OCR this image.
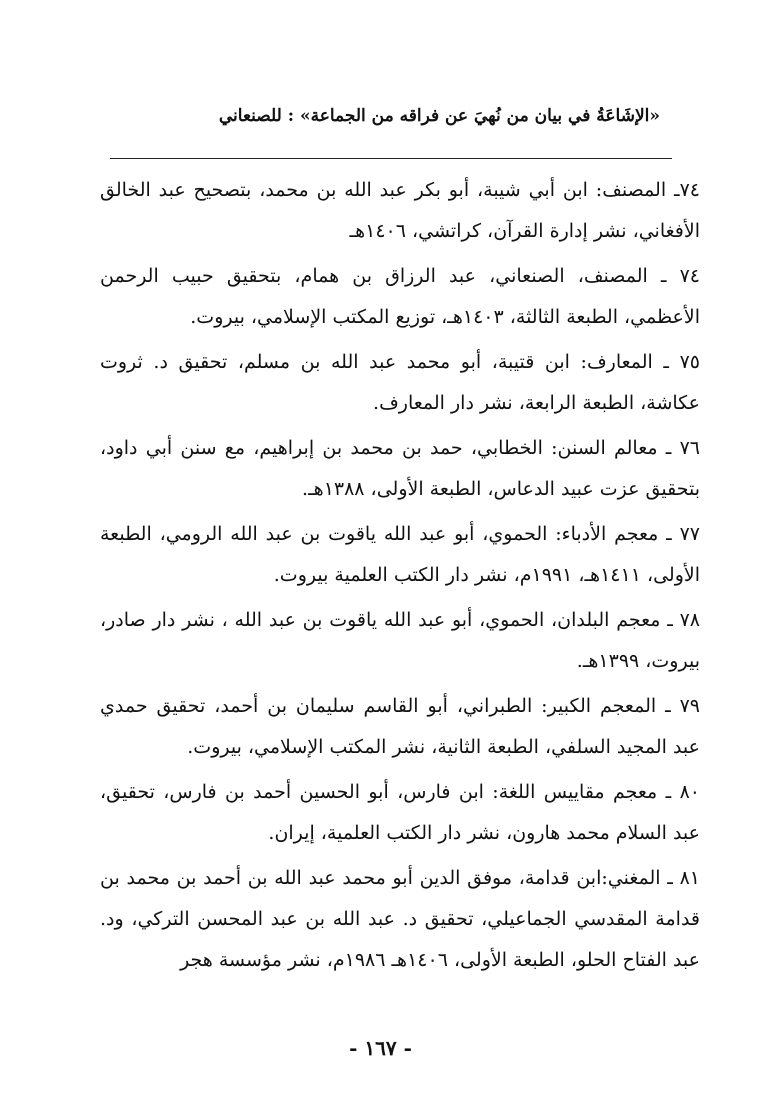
«الإشَاعَةُ في بيان من نُهيَ عن فراقه من الجماعة» : للصنعاني

٧٤ـ المصنف: ابن أبي شيبة، أبو بكر عبد الله بن محمد، بتصحيح عبد الخالق الأفغاني، نشر إدارة القرآن، كراتشي، ١٤٠٦هـ

٧٤ ـ المصنف، الصنعاني، عبد الرزاق بن همام، بتحقيق حبيب الرحمن الأعظمي، الطبعة الثالثة، ١٤٠٣هـ، توزيع المكتب الإسلامي، بيروت.

٧٥ ـ المعارف: ابن قتيبة، أبو محمد عبد الله بن مسلم، تحقيق د. ثروت عكاشة، الطبعة الرابعة، نشر دار المعارف.

٧٦ ـ معالم السنن: الخطابي، حمد بن محمد بن إبراهيم، مع سنن أبي داود، بتحقيق عزت عبيد الدعاس، الطبعة الأولى، ١٣٨٨هـ.

٧٧ ـ معجم الأدباء: الحموي، أبو عبد الله ياقوت بن عبد الله الرومي، الطبعة الأولى، ١٤١١هـ، ١٩٩١م، نشر دار الكتب العلمية بيروت.

٧٨ ـ معجم البلدان، الحموي، أبو عبد الله ياقوت بن عبد الله ، نشر دار صادر، بيروت، ١٣٩٩هـ.

٧٩ ـ المعجم الكبير: الطبراني، أبو القاسم سليمان بن أحمد، تحقيق حمدي عبد المجيد السلفي، الطبعة الثانية، نشر المكتب الإسلامي، بيروت.

٨٠ ـ معجم مقاييس اللغة: ابن فارس، أبو الحسين أحمد بن فارس، تحقيق، عبد السلام محمد هارون، نشر دار الكتب العلمية، إيران.

٨١ ـ المغني:ابن قدامة، موفق الدين أبو محمد عبد الله بن أحمد بن محمد بن قدامة المقدسي الجماعيلي، تحقيق د. عبد الله بن عبد المحسن التركي، ود. عبد الفتاح الحلو، الطبعة الأولى، ١٤٠٦هـ ١٩٨٦م، نشر مؤسسة هجر

- ١٦٧ -
